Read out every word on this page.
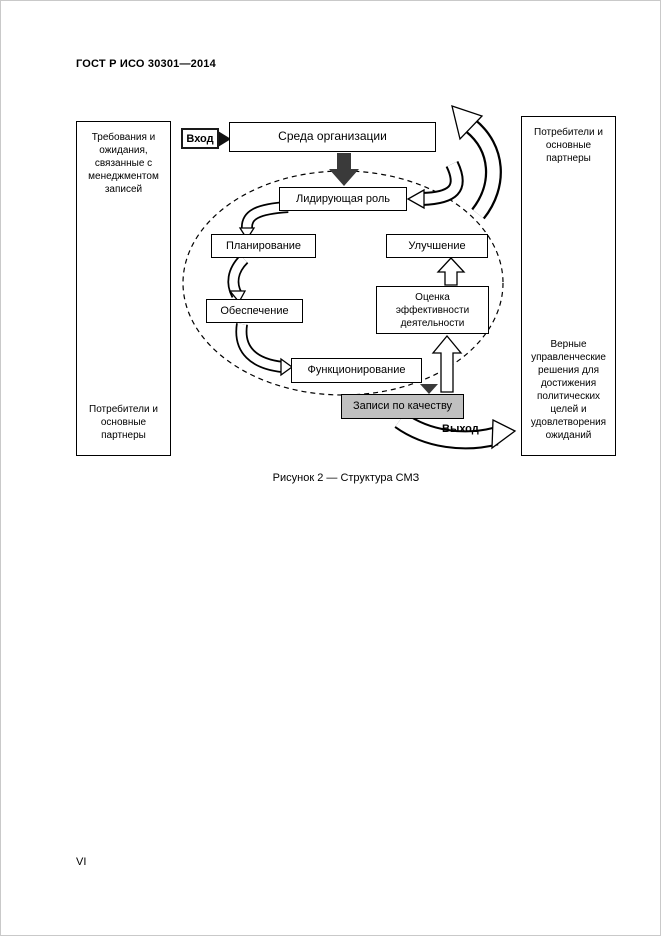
ГОСТ Р ИСО 30301—2014
Требования и ожидания, связанные с менеджментом записей
Потребители и основные партнеры
Потребители и основные партнеры
Верные управленческие решения для достижения политических целей и удовлетворения ожиданий
Вход
Выход
Среда организации
Лидирующая роль
Планирование	Улучшение
Обеспечение
Оценка эффективности деятельности
Функционирование
Записи по качеству
Рисунок 2 — Структура СМЗ
VI
